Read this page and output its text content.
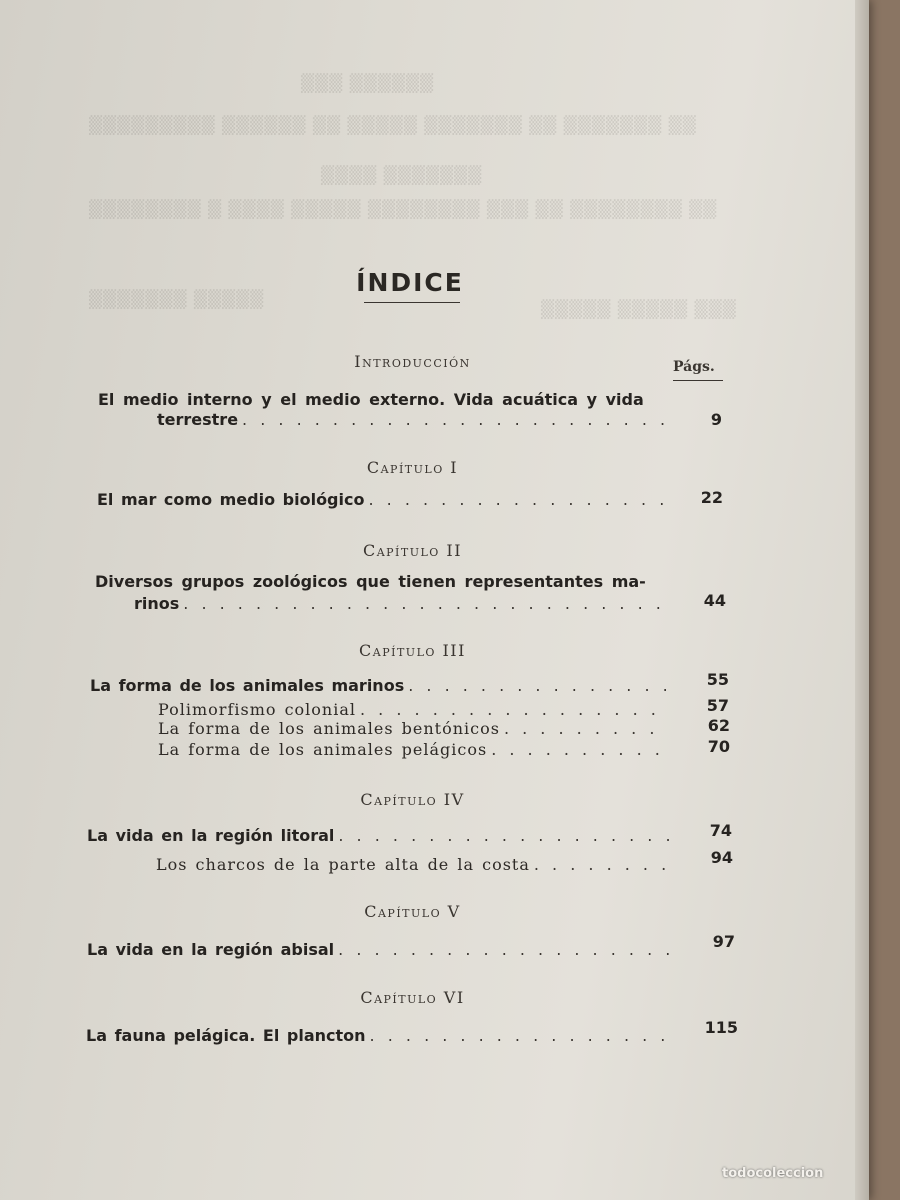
▒▒▒▒▒▒ ▒▒▒
▒▒ ▒▒▒▒▒▒▒ ▒▒ ▒▒▒▒▒▒▒ ▒▒▒▒▒ ▒▒ ▒▒▒▒▒▒ ▒▒▒▒▒▒▒▒▒
▒▒▒▒▒▒▒ ▒▒▒▒
▒▒ ▒▒▒▒▒▒▒▒ ▒▒ ▒▒▒ ▒▒▒▒▒▒▒▒ ▒▒▒▒▒ ▒▒▒▒ ▒ ▒▒▒▒▒▒▒▒
▒▒▒▒▒ ▒▒▒▒▒▒▒	▒▒▒ ▒▒▒▒▒ ▒▒▒▒▒
ÍNDICE
Págs.
Introducción
El medio interno y el medio externo. Vida acuática y vida
terrestre . . .	9
Capítulo I
El mar como medio biológico . . .	22
Capítulo II
Diversos grupos zoológicos que tienen representantes ma-
rinos . . .	44
Capítulo III
La forma de los animales marinos . . .	55
Polimorfismo colonial . . .	57
La forma de los animales bentónicos . . .	62
La forma de los animales pelágicos . . .	70
Capítulo IV
La vida en la región litoral . . .	74
Los charcos de la parte alta de la costa . . .	94
Capítulo V
La vida en la región abisal . . .	97
Capítulo VI
La fauna pelágica. El plancton . . .	115
todocoleccion
